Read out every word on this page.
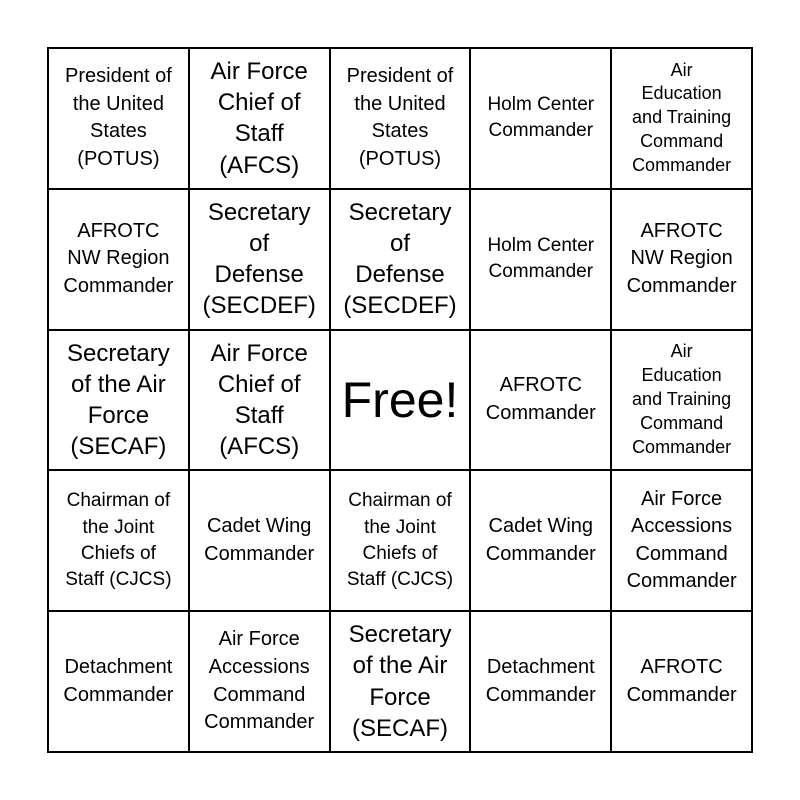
President of
the United
States
(POTUS)
Air Force
Chief of
Staff
(AFCS)
President of
the United
States
(POTUS)
Holm Center
Commander
Air
Education
and Training
Command
Commander
AFROTC
NW Region
Commander
Secretary
of
Defense
(SECDEF)
Secretary
of
Defense
(SECDEF)
Holm Center
Commander
AFROTC
NW Region
Commander
Secretary
of the Air
Force
(SECAF)
Air Force
Chief of
Staff
(AFCS)
Free!	AFROTC
Commander
Air
Education
and Training
Command
Commander
Chairman of
the Joint
Chiefs of
Staff (CJCS)
Cadet Wing
Commander
Chairman of
the Joint
Chiefs of
Staff (CJCS)
Cadet Wing
Commander
Air Force
Accessions
Command
Commander
Detachment
Commander
Air Force
Accessions
Command
Commander
Secretary
of the Air
Force
(SECAF)
Detachment
Commander
AFROTC
Commander
